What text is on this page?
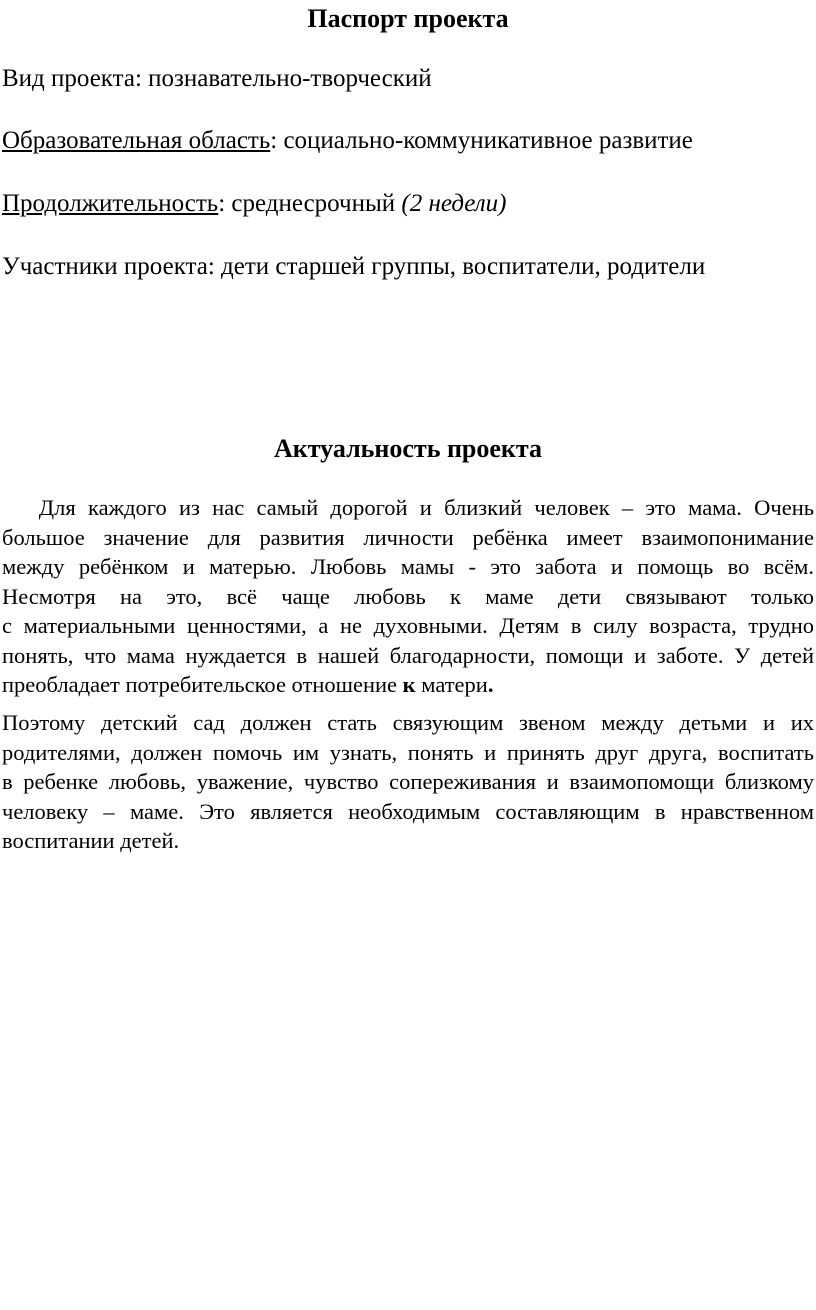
Паспорт проекта
Вид проекта: познавательно-творческий
Образовательная область: социально-коммуникативное развитие
Продолжительность: среднесрочный (2 недели)
Участники проекта: дети старшей группы, воспитатели, родители
Актуальность проекта
Для каждого из нас самый дорогой и близкий человек – это мама. Очень
большое значение для развития личности ребёнка имеет взаимопонимание
между ребёнком и матерью. Любовь мамы - это забота и помощь во всём.
Несмотря на это, всё чаще любовь к маме дети связывают только
с материальными ценностями, а не духовными. Детям в силу возраста, трудно
понять, что мама нуждается в нашей благодарности, помощи и заботе. У детей
преобладает потребительское отношение к матери.
Поэтому детский сад должен стать связующим звеном между детьми и их
родителями, должен помочь им узнать, понять и принять друг друга, воспитать
в ребенке любовь, уважение, чувство сопереживания и взаимопомощи близкому
человеку – маме. Это является необходимым составляющим в нравственном
воспитании детей.
